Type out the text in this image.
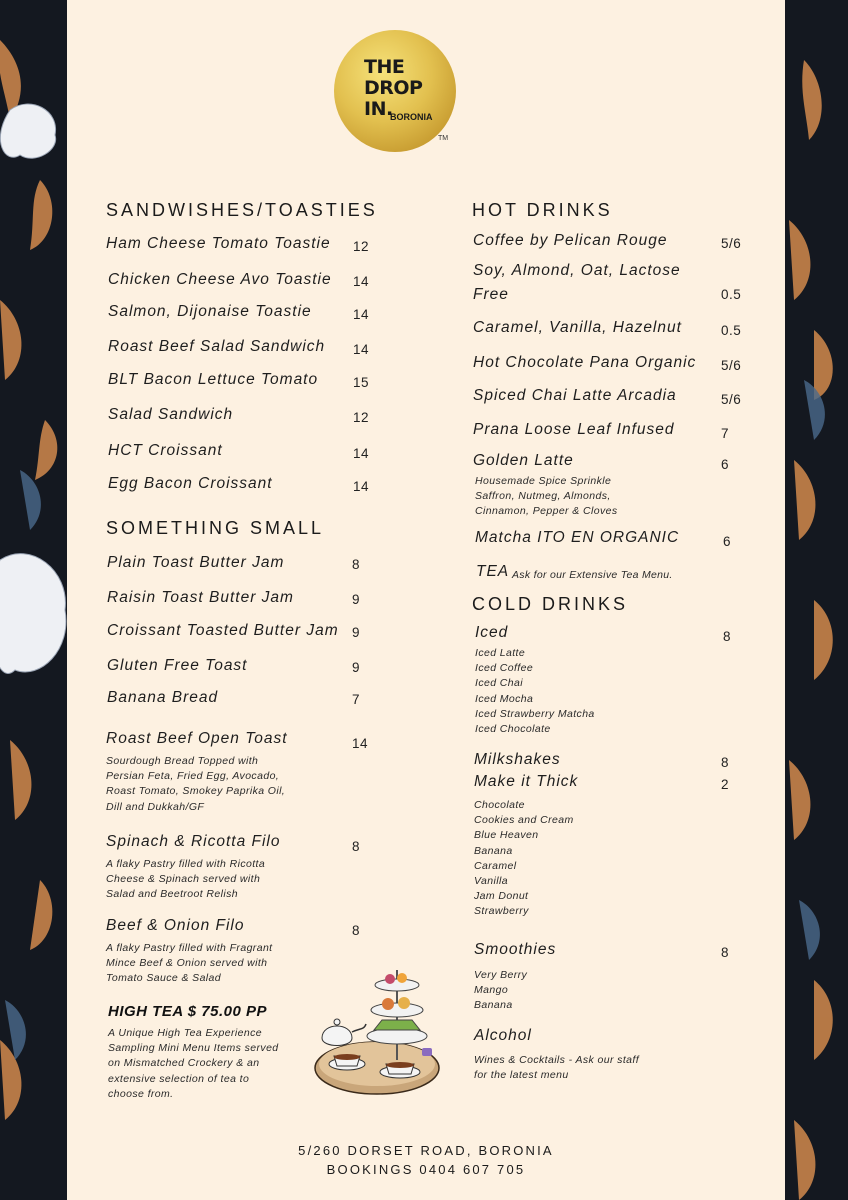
THE
DROP
IN.
BORONIA
TM
SANDWISHES/TOASTIES
Ham Cheese Tomato Toastie 12
Chicken Cheese Avo Toastie 14
Salmon, Dijonaise Toastie	14
Roast Beef Salad Sandwich 14
BLT Bacon Lettuce Tomato	15
Salad Sandwich	12
HCT Croissant	14
Egg Bacon Croissant	14
SOMETHING SMALL
Plain Toast Butter Jam	8
Raisin Toast Butter Jam	9
Croissant Toasted Butter Jam 9
Gluten Free Toast	9
Banana Bread	7
Roast Beef Open Toast	14
Sourdough Bread Topped with
Persian Feta, Fried Egg, Avocado,
Roast Tomato, Smokey Paprika Oil,
Dill and Dukkah/GF
Spinach & Ricotta Filo	8
A flaky Pastry filled with Ricotta
Cheese & Spinach served with
Salad and Beetroot Relish
Beef & Onion Filo	8
A flaky Pastry filled with Fragrant
Mince Beef & Onion served with
Tomato Sauce & Salad
HIGH TEA $ 75.00 PP
A Unique High Tea Experience
Sampling Mini Menu Items served
on Mismatched Crockery & an
extensive selection of tea to
choose from.
HOT DRINKS
Coffee by Pelican Rouge	5/6
Soy, Almond, Oat, Lactose
Free	0.5
Caramel, Vanilla, Hazelnut	0.5
Hot Chocolate Pana Organic 5/6
Spiced Chai Latte Arcadia	5/6
Prana Loose Leaf Infused	7
Golden Latte	6
Housemade Spice Sprinkle
Saffron, Nutmeg, Almonds,
Cinnamon, Pepper & Cloves
Matcha ITO EN ORGANIC	6
TEA Ask for our Extensive Tea Menu.
COLD DRINKS
Iced	8
Iced Latte
Iced Coffee
Iced Chai
Iced Mocha
Iced Strawberry Matcha
Iced Chocolate
Milkshakes	8
Make it Thick	2
Chocolate
Cookies and Cream
Blue Heaven
Banana
Caramel
Vanilla
Jam Donut
Strawberry
Smoothies	8
Very Berry
Mango
Banana
Alcohol
Wines & Cocktails - Ask our staff
for the latest menu
5/260 DORSET ROAD, BORONIA
BOOKINGS 0404 607 705
